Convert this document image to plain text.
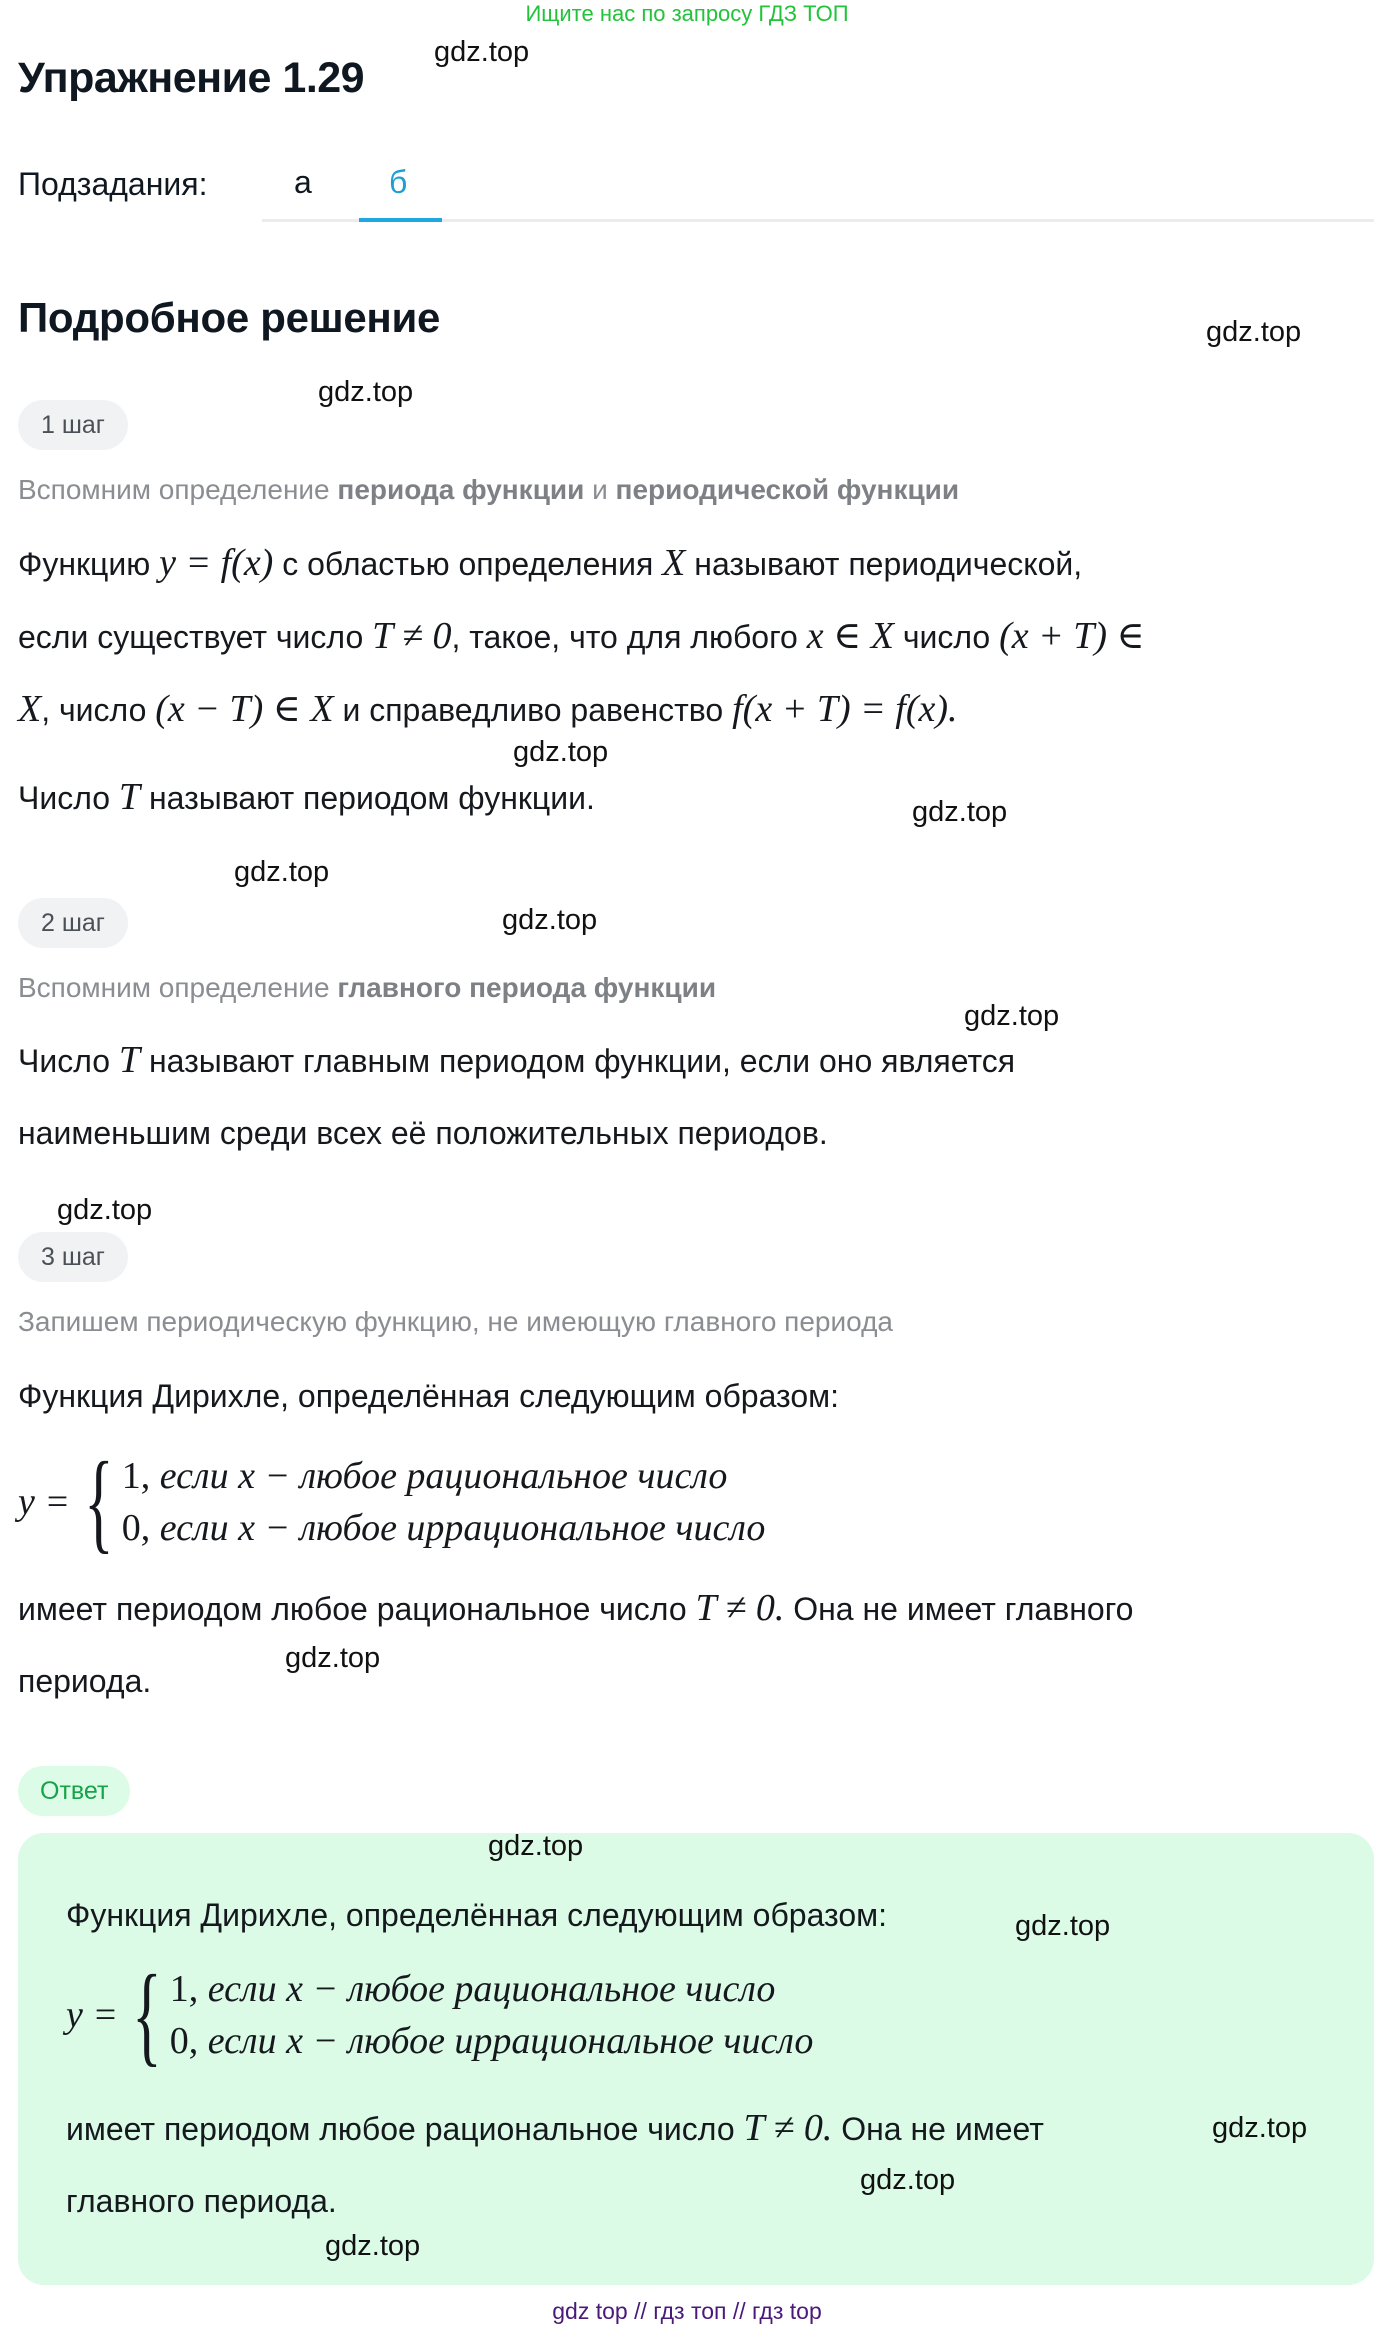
Ищите нас по запросу ГДЗ ТОП
Упражнение 1.29
Подзадания:	а б
Подробное решение
1 шаг
Вспомним определение периода функции и периодической функции
Функцию y = f(x) с областью определения X называют периодической,
если существует число T ≠ 0, такое, что для любого x ∈ X число (x + T) ∈
X, число (x − T) ∈ X и справедливо равенство f(x + T) = f(x).
Число T называют периодом функции.
2 шаг
Вспомним определение главного периода функции
Число T называют главным периодом функции, если оно является
наименьшим среди всех её положительных периодов.
3 шаг
Запишем периодическую функцию, не имеющую главного периода
Функция Дирихле, определённая следующим образом:
y = { 1, если x − любое рациональное число
0, если x − любое иррациональное число
имеет периодом любое рациональное число T ≠ 0. Она не имеет главного
периода.
Ответ
Функция Дирихле, определённая следующим образом:
y = { 1, если x − любое рациональное число
0, если x − любое иррациональное число
имеет периодом любое рациональное число T ≠ 0. Она не имеет
главного периода.
gdz.top
gdz.top
gdz.top
gdz.top
gdz.top
gdz.top
gdz.top
gdz.top
gdz.top
gdz.top
gdz.top
gdz.top
gdz.top
gdz.top
gdz.top
gdz top // гдз топ // гдз top
